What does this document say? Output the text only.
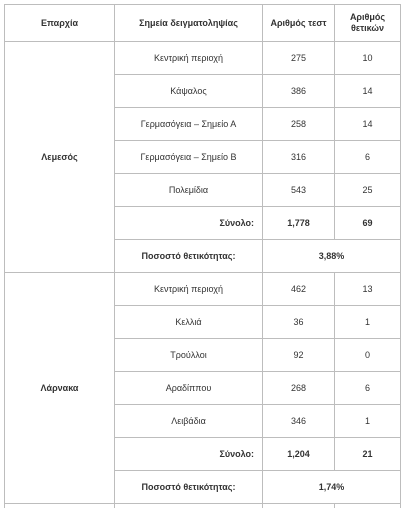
Επαρχία	Σημεία δειγματοληψίας	Αριθμός τεστ	Αριθμός
θετικών
Λεμεσός	Κεντρική περιοχή	275	10
	Κάψαλος	386	14
	Γερμασόγεια – Σημείο Α	258	14
	Γερμασόγεια – Σημείο Β	316	6
	Πολεμίδια	543	25
	Σύνολο:	1,778	69
	Ποσοστό θετικότητας:	3,88%	
Λάρνακα	Κεντρική περιοχή	462	13
	Κελλιά	36	1
	Τρούλλοι	92	0
	Αραδίππου	268	6
	Λειβάδια	346	1
	Σύνολο:	1,204	21
	Ποσοστό θετικότητας:	1,74%	
